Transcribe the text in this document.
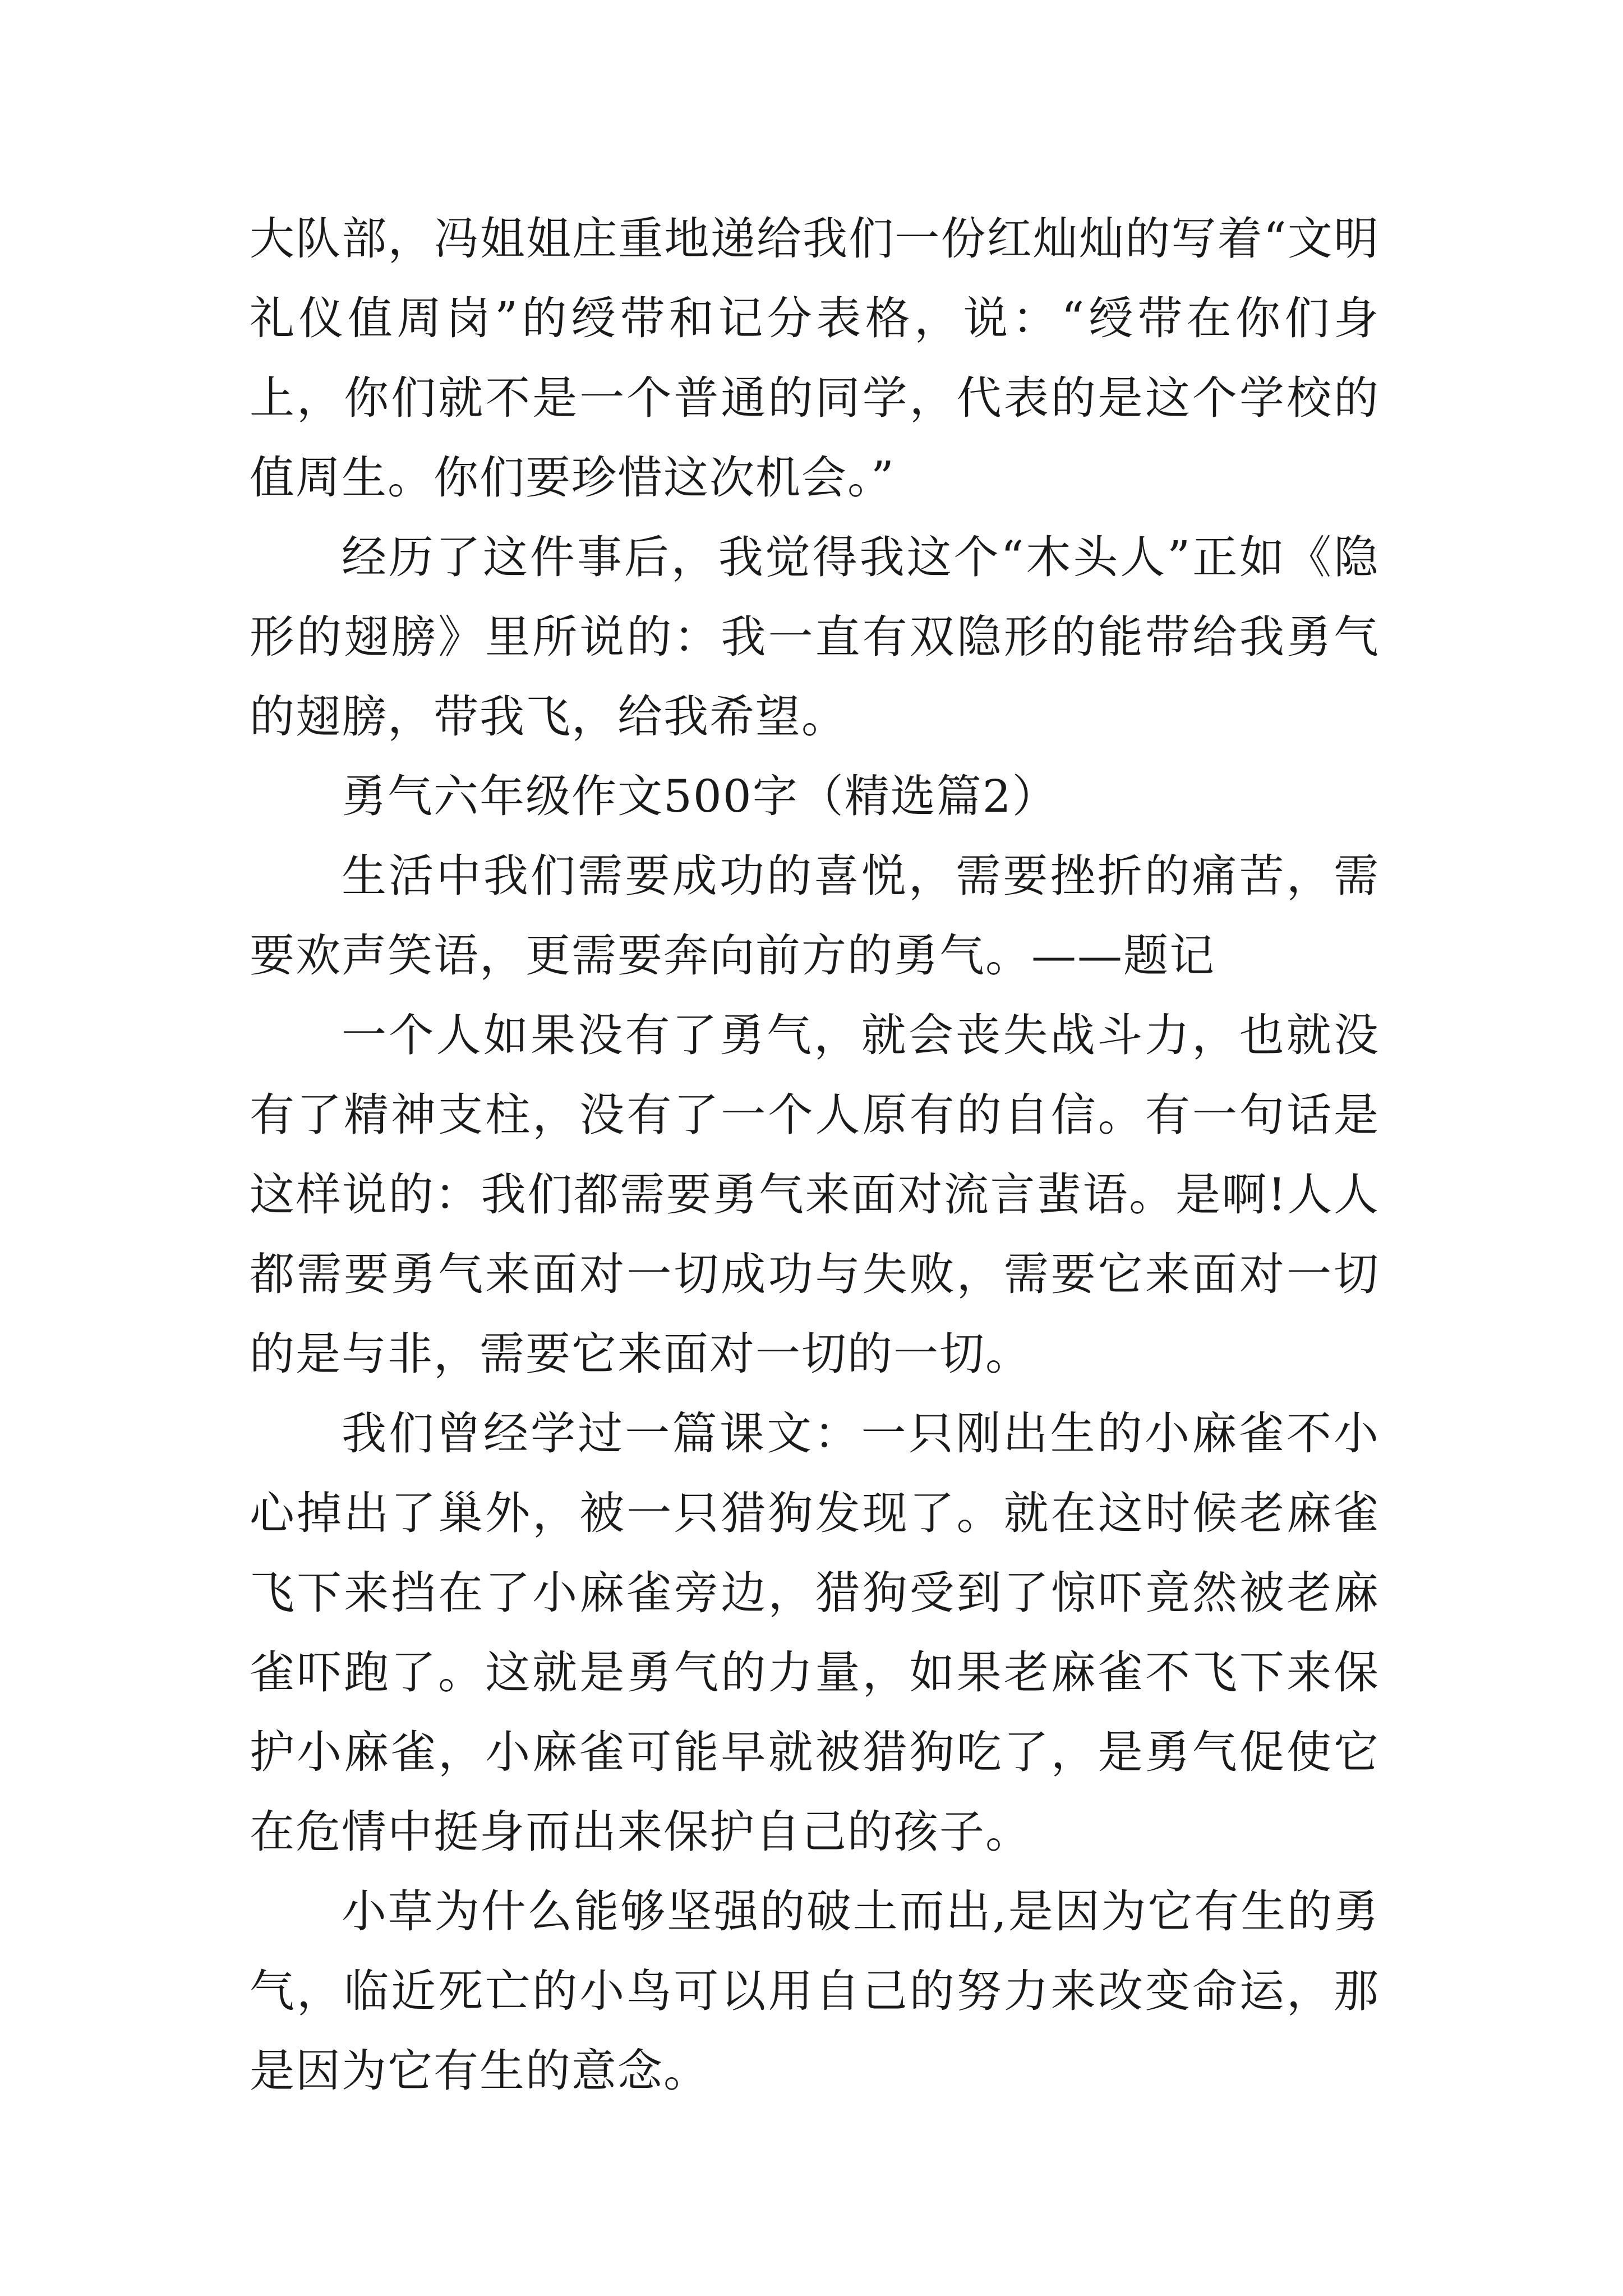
大队部，冯姐姐庄重地递给我们一份红灿灿的写着“文明礼仪值周岗”的绶带和记分表格，说：“绶带在你们身上，你们就不是一个普通的同学，代表的是这个学校的值周生。你们要珍惜这次机会。”

经历了这件事后，我觉得我这个“木头人”正如《隐形的翅膀》里所说的：我一直有双隐形的能带给我勇气的翅膀，带我飞，给我希望。

勇气六年级作文500字（精选篇2）

生活中我们需要成功的喜悦，需要挫折的痛苦，需要欢声笑语，更需要奔向前方的勇气。——题记

一个人如果没有了勇气，就会丧失战斗力，也就没有了精神支柱，没有了一个人原有的自信。有一句话是这样说的：我们都需要勇气来面对流言蜚语。是啊!人人都需要勇气来面对一切成功与失败，需要它来面对一切的是与非，需要它来面对一切的一切。

我们曾经学过一篇课文：一只刚出生的小麻雀不小心掉出了巢外，被一只猎狗发现了。就在这时候老麻雀飞下来挡在了小麻雀旁边，猎狗受到了惊吓竟然被老麻雀吓跑了。这就是勇气的力量，如果老麻雀不飞下来保护小麻雀，小麻雀可能早就被猎狗吃了，是勇气促使它在危情中挺身而出来保护自己的孩子。

小草为什么能够坚强的破土而出,是因为它有生的勇气，临近死亡的小鸟可以用自己的努力来改变命运，那是因为它有生的意念。
